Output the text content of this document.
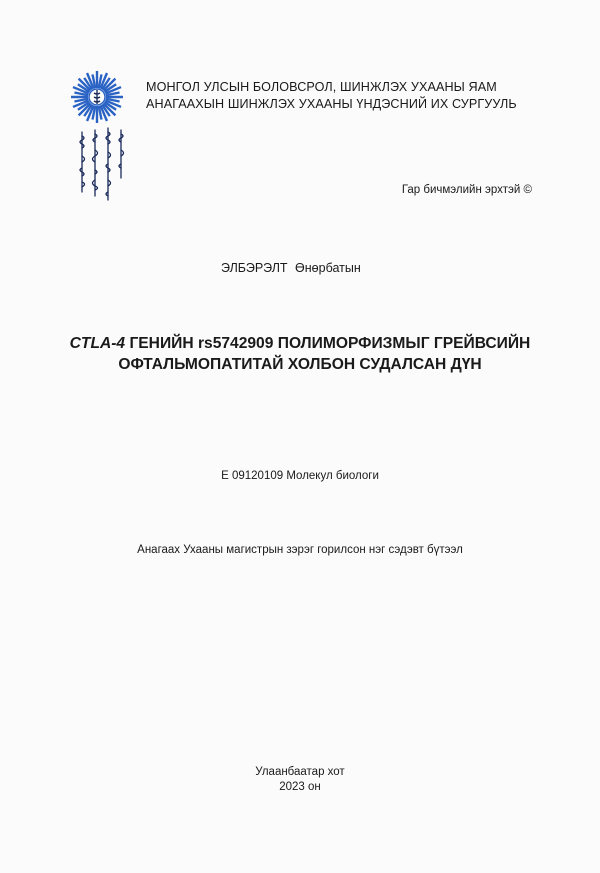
МОНГОЛ УЛСЫН БОЛОВСРОЛ, ШИНЖЛЭХ УХААНЫ ЯАМ
АНАГААХЫН ШИНЖЛЭХ УХААНЫ ҮНДЭСНИЙ ИХ СУРГУУЛЬ
Гар бичмэлийн эрхтэй ©
ЭЛБЭРЭЛТ Өнөрбатын
CTLA-4 ГЕНИЙН rs5742909 ПОЛИМОРФИЗМЫГ ГРЕЙВСИЙН
ОФТАЛЬМОПАТИТАЙ ХОЛБОН СУДАЛСАН ДҮН
Е 09120109 Молекул биологи
Анагаах Ухааны магистрын зэрэг горилсон нэг сэдэвт бүтээл
Улаанбаатар хот
2023 он
